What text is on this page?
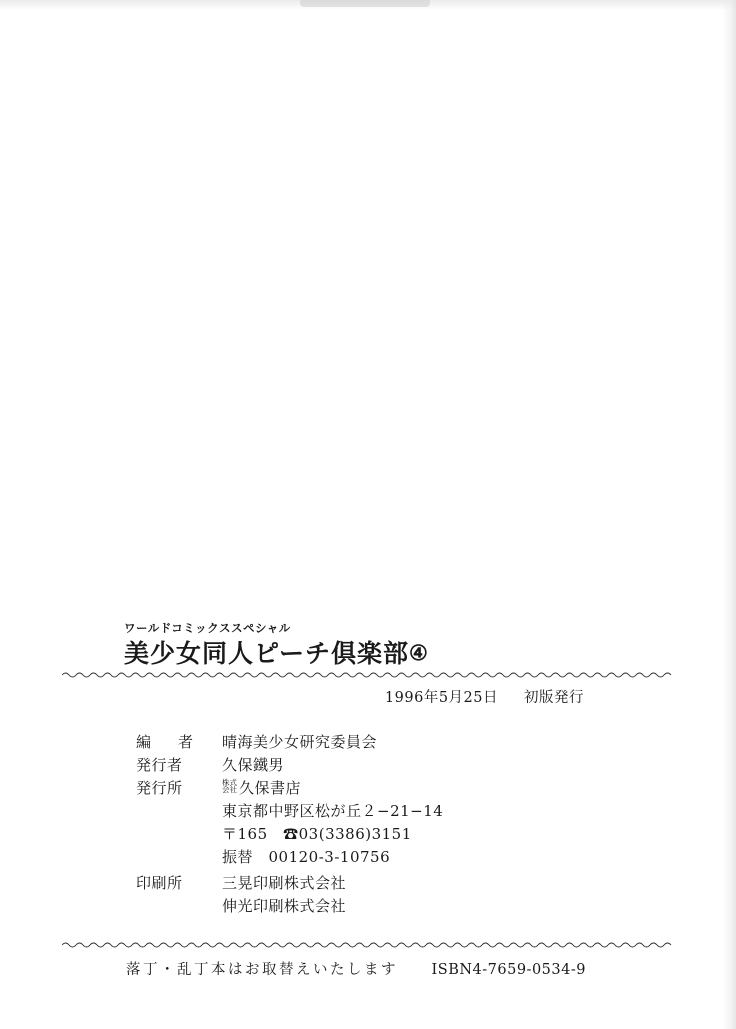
ワールドコミックススペシャル
美少女同人ピーチ倶楽部④
1996年5月25日 初版発行
編　者	晴海美少女研究委員会
発行者	久保鐵男
発行所	株式
会社 久保書店
東京都中野区松が丘２−21−14
〒165　☎03(3386)3151
振替　00120-3-10756
印刷所	三晃印刷株式会社
伸光印刷株式会社
落丁・乱丁本はお取替えいたします ISBN4-7659-0534-9
